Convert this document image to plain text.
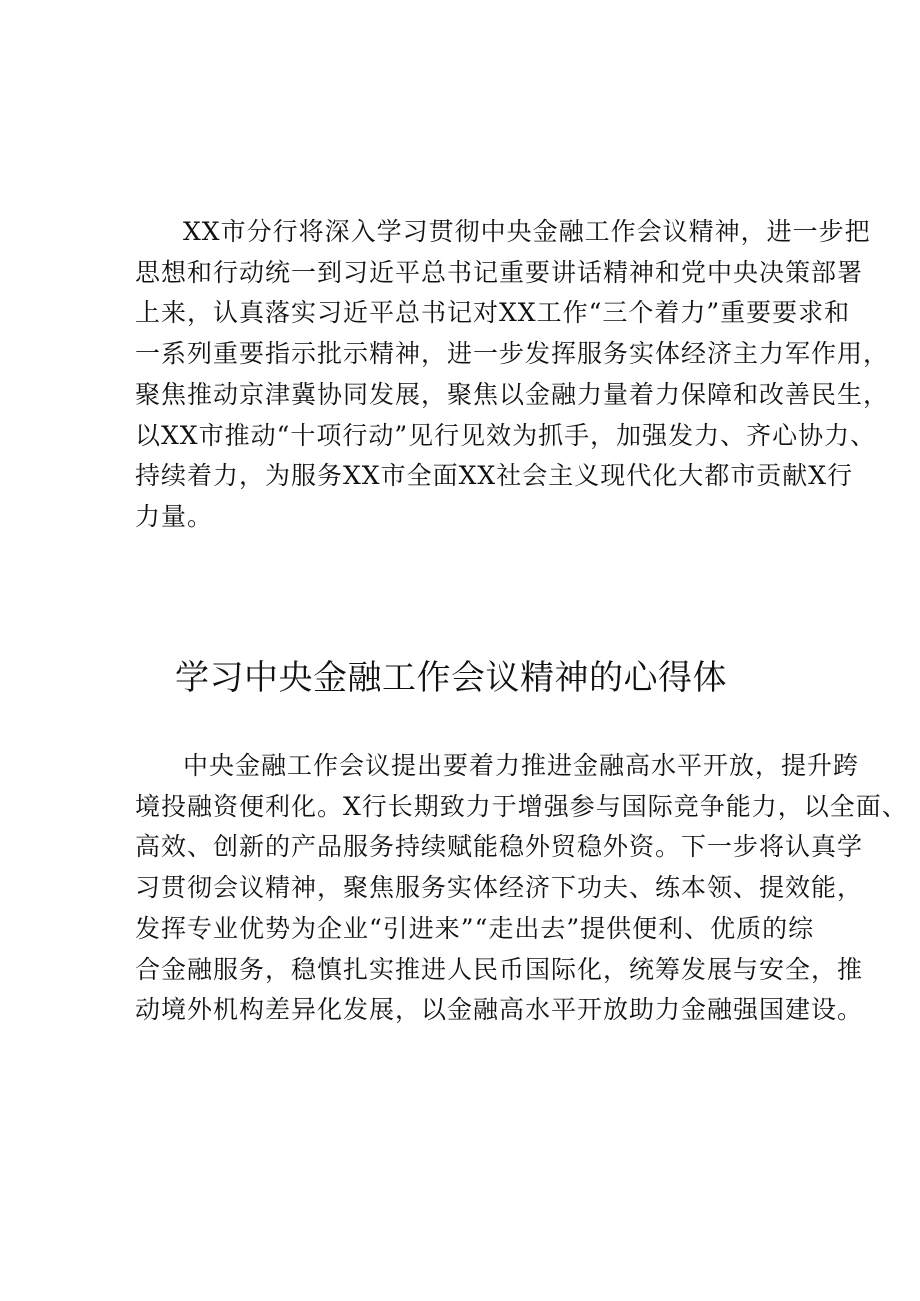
XX市分行将深入学习贯彻中央金融工作会议精神，进一步把
思想和行动统一到习近平总书记重要讲话精神和党中央决策部署
上来，认真落实习近平总书记对XX工作“三个着力”重要要求和
一系列重要指示批示精神，进一步发挥服务实体经济主力军作用，
聚焦推动京津冀协同发展，聚焦以金融力量着力保障和改善民生，
以XX市推动“十项行动”见行见效为抓手，加强发力、齐心协力、
持续着力，为服务XX市全面XX社会主义现代化大都市贡献X行
力量。

学习中央金融工作会议精神的心得体

中央金融工作会议提出要着力推进金融高水平开放，提升跨
境投融资便利化。X行长期致力于增强参与国际竞争能力，以全面、
高效、创新的产品服务持续赋能稳外贸稳外资。下一步将认真学
习贯彻会议精神，聚焦服务实体经济下功夫、练本领、提效能，
发挥专业优势为企业“引进来”“走出去”提供便利、优质的综
合金融服务，稳慎扎实推进人民币国际化，统筹发展与安全，推
动境外机构差异化发展，以金融高水平开放助力金融强国建设。
